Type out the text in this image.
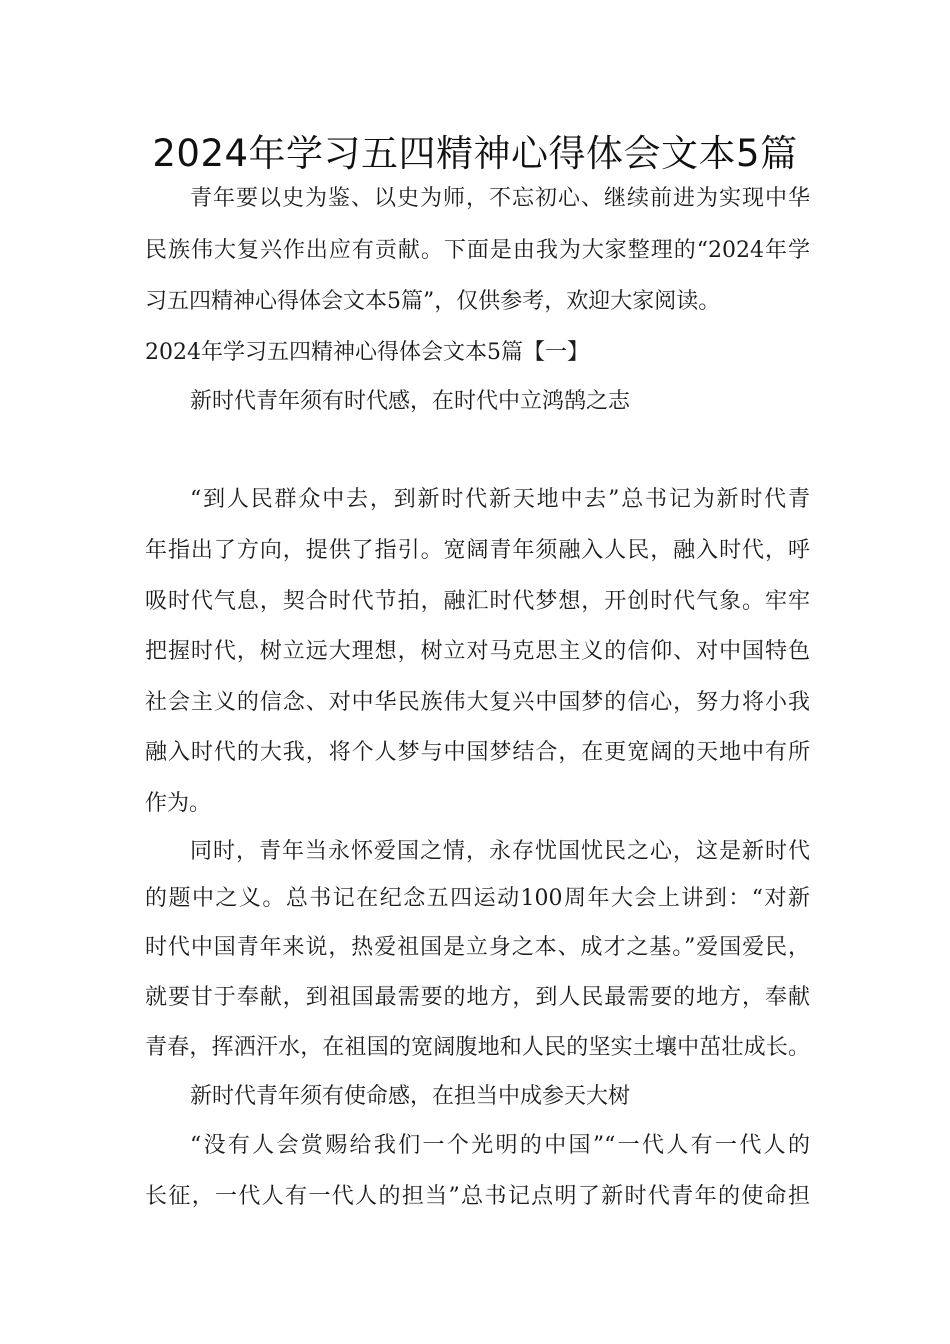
2024年学习五四精神心得体会文本5篇

青年要以史为鉴、以史为师，不忘初心、继续前进为实现中华

民族伟大复兴作出应有贡献。下面是由我为大家整理的“2024年学

习五四精神心得体会文本5篇”，仅供参考，欢迎大家阅读。

2024年学习五四精神心得体会文本5篇【一】

新时代青年须有时代感，在时代中立鸿鹄之志

“到人民群众中去，到新时代新天地中去”总书记为新时代青

年指出了方向，提供了指引。宽阔青年须融入人民，融入时代，呼

吸时代气息，契合时代节拍，融汇时代梦想，开创时代气象。牢牢

把握时代，树立远大理想，树立对马克思主义的信仰、对中国特色

社会主义的信念、对中华民族伟大复兴中国梦的信心，努力将小我

融入时代的大我，将个人梦与中国梦结合，在更宽阔的天地中有所

作为。

同时，青年当永怀爱国之情，永存忧国忧民之心，这是新时代

的题中之义。总书记在纪念五四运动100周年大会上讲到：“对新

时代中国青年来说，热爱祖国是立身之本、成才之基。”爱国爱民，

就要甘于奉献，到祖国最需要的地方，到人民最需要的地方，奉献

青春，挥洒汗水，在祖国的宽阔腹地和人民的坚实土壤中茁壮成长。

新时代青年须有使命感，在担当中成参天大树

“没有人会赏赐给我们一个光明的中国”“一代人有一代人的

长征，一代人有一代人的担当”总书记点明了新时代青年的使命担
